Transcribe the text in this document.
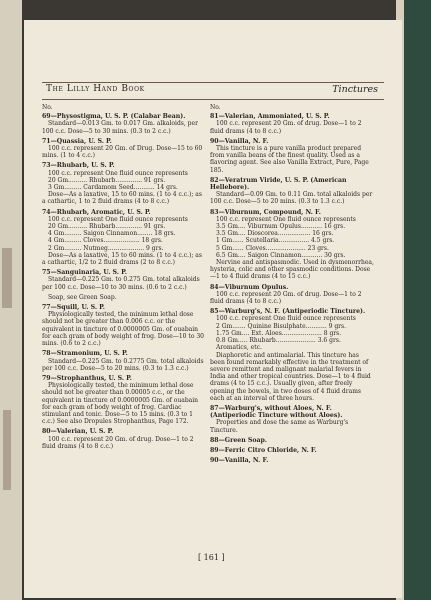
The Lilly Hand Book	Tinctures
No.
69—Physostigma, U. S. P. (Calabar Bean).
Standard—0.013 Gm. to 0.017 Gm. alkaloids, per 100 c.c. Dose—5 to 30 mins. (0.3 to 2 c.c.)
71—Quassia, U. S. P.
100 c.c. represent 20 Gm. of Drug. Dose—15 to 60 mins. (1 to 4 c.c.)
73—Rhubarb, U. S. P.
100 c.c. represent One fluid ounce represents
20 Gm.......... Rhubarb.............. 91 grs.
3 Gm......... Cardamom Seed........... 14 grs.
Dose—As a laxative, 15 to 60 mins. (1 to 4 c.c.); as a cathartic, 1 to 2 fluid drams (4 to 8 c.c.)
74—Rhubarb, Aromatic, U. S. P.
100 c.c. represent One fluid ounce represents
20 Gm.......... Rhubarb.............. 91 grs.
4 Gm......... Saigon Cinnamon........ 18 grs.
4 Gm......... Cloves................... 18 grs.
2 Gm......... Nutmeg................... 9 grs.
Dose—As a laxative, 15 to 60 mins. (1 to 4 c.c.); as a cathartic, 1/2 to 2 fluid drams (2 to 8 c.c.)
75—Sanguinaria, U. S. P.
Standard—0.225 Gm. to 0.275 Gm. total alkaloids per 100 c.c. Dose—10 to 30 mins. (0.6 to 2 c.c.)
Soap, see Green Soap.
77—Squill, U. S. P.
Physiologically tested, the minimum lethal dose should not be greater than 0.006 c.c. or the equivalent in tincture of 0.0000005 Gm. of ouabain for each gram of body weight of frog. Dose—10 to 30 mins. (0.6 to 2 c.c.)
78—Stramonium, U. S. P.
Standard—0.225 Gm. to 0.2775 Gm. total alkaloids per 100 c.c. Dose—5 to 20 mins. (0.3 to 1.3 c.c.)
79—Strophanthus, U. S. P.
Physiologically tested, the minimum lethal dose should not be greater than 0.00005 c.c., or the equivalent in tincture of 0.0000005 Gm. of ouabain for each gram of body weight of frog. Cardiac stimulant and tonic. Dose—5 to 15 mins. (0.3 to 1 c.c.) See also Dropules Strophanthus, Page 172.
80—Valerian, U. S. P.
100 c.c. represent 20 Gm. of drug. Dose—1 to 2 fluid drams (4 to 8 c.c.)
No.
81—Valerian, Ammoniated, U. S. P.
100 c.c. represent 20 Gm. of drug. Dose—1 to 2 fluid drams (4 to 8 c.c.)
90—Vanilla, N. F.
This tincture is a pure vanilla product prepared from vanilla beans of the finest quality. Used as a flavoring agent. See also Vanilla Extract, Pure, Page 185.
82—Veratrum Viride, U. S. P. (American Hellebore).
Standard—0.09 Gm. to 0.11 Gm. total alkaloids per 100 c.c. Dose—5 to 20 mins. (0.3 to 1.3 c.c.)
83—Viburnum, Compound, N. F.
100 c.c. represent One fluid ounce represents
3.5 Gm.... Viburnum Opulus........... 16 grs.
3.5 Gm.... Dioscorea................. 16 grs.
1 Gm...... Scutellaria................ 4.5 grs.
5 Gm...... Cloves..................... 23 grs.
6.5 Gm.... Saigon Cinnamon........... 30 grs.
Nervine and antispasmodic. Used in dysmenorrhea, hysteria, colic and other spasmodic conditions. Dose—1 to 4 fluid drams (4 to 15 c.c.)
84—Viburnum Opulus.
100 c.c. represent 20 Gm. of drug. Dose—1 to 2 fluid drams (4 to 8 c.c.)
85—Warburg's, N. F. (Antiperiodic Tincture).
100 c.c. represent One fluid ounce represents
2 Gm....... Quinine Bisulphate........... 9 grs.
1.75 Gm.... Ext. Aloes..................... 8 grs.
0.8 Gm..... Rhubarb..................... 3.6 grs.
Aromatics, etc.
Diaphoretic and antimalarial. This tincture has been found remarkably effective in the treatment of severe remittent and malignant malarial fevers in India and other tropical countries. Dose—1 to 4 fluid drams (4 to 15 c.c.). Usually given, after freely opening the bowels, in two doses of 4 fluid drams each at an interval of three hours.
87—Warburg's, without Aloes, N. F. (Antiperiodic Tincture without Aloes).
Properties and dose the same as Warburg's Tincture.
88—Green Soap.
89—Ferric Citro Chloride, N. F.
90—Vanilla, N. F.
[ 161 ]
